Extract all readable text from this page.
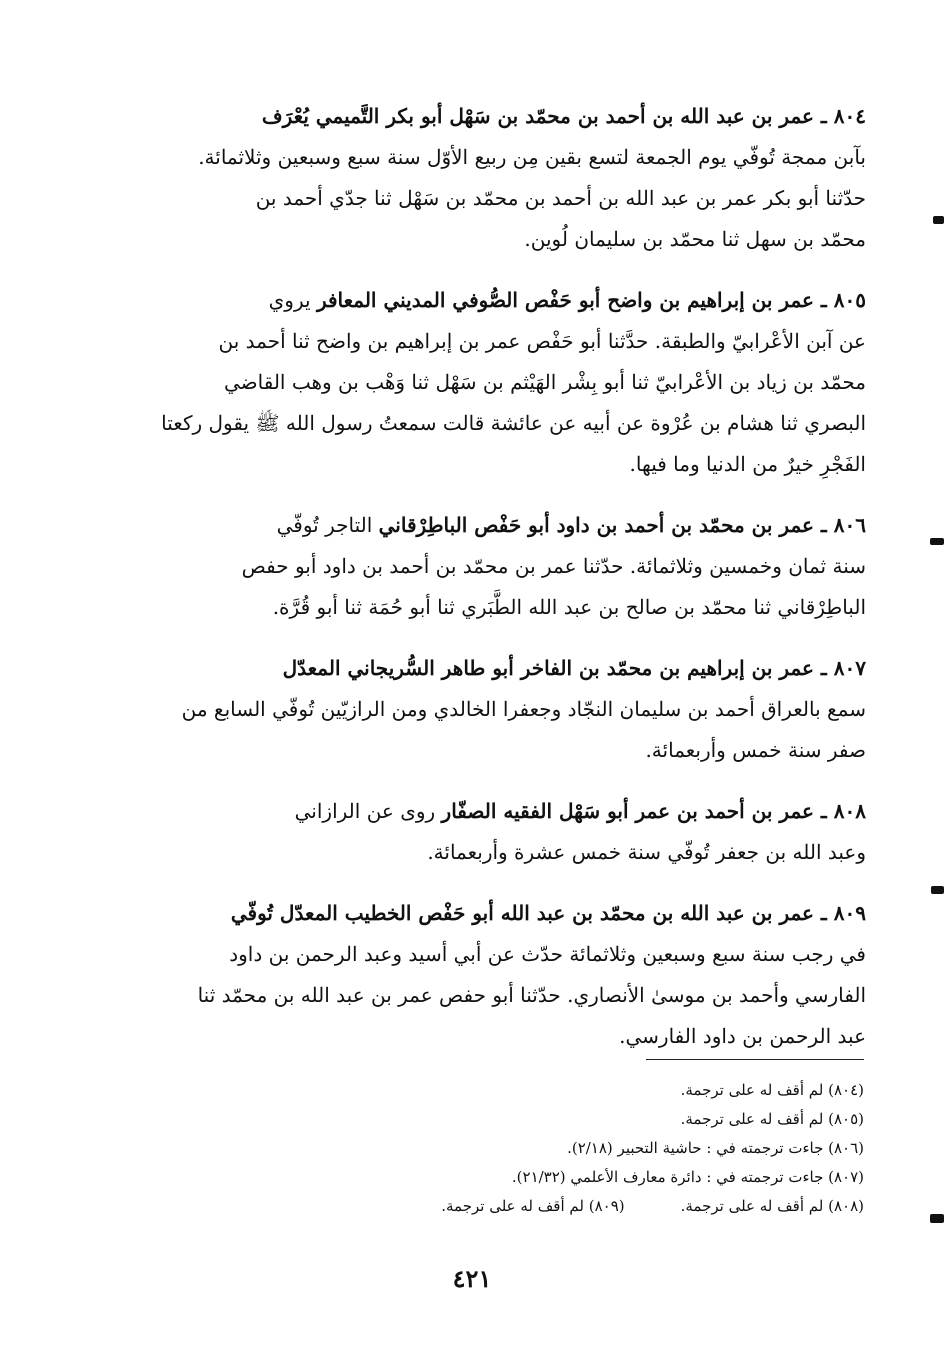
٨٠٤ ـ عمر بن عبد الله بن أحمد بن محمّد بن سَهْل أبو بكر التَّميمي يُعْرَف
بآبن ممجة تُوفّي يوم الجمعة لتسع بقين مِن ربيع الأوّل سنة سبع وسبعين وثلاثمائة.
حدّثنا أبو بكر عمر بن عبد الله بن أحمد بن محمّد بن سَهْل ثنا جدّي أحمد بن
محمّد بن سهل ثنا محمّد بن سليمان لُوين.
٨٠٥ ـ عمر بن إبراهيم بن واضح أبو حَفْص الصُّوفي المديني المعافر يروي
عن آبن الأعْرابيّ والطبقة. حدَّثنا أبو حَفْص عمر بن إبراهيم بن واضح ثنا أحمد بن
محمّد بن زياد بن الأعْرابيّ ثنا أبو بِشْر الهَيْثم بن سَهْل ثنا وَهْب بن وهب القاضي
البصري ثنا هشام بن عُرْوة عن أبيه عن عائشة قالت سمعتُ رسول الله ﷺ يقول ركعتا
الفَجْرِ خيرٌ من الدنيا وما فيها.
٨٠٦ ـ عمر بن محمّد بن أحمد بن داود أبو حَفْص الباطِرْقاني التاجر تُوفّي
سنة ثمان وخمسين وثلاثمائة. حدّثنا عمر بن محمّد بن أحمد بن داود أبو حفص
الباطِرْقاني ثنا محمّد بن صالح بن عبد الله الطَّبَري ثنا أبو حُمَة ثنا أبو قُرَّة.
٨٠٧ ـ عمر بن إبراهيم بن محمّد بن الفاخر أبو طاهر السُّريجاني المعدّل
سمع بالعراق أحمد بن سليمان النجّاد وجعفرا الخالدي ومن الرازيّين تُوفّي السابع من
صفر سنة خمس وأربعمائة.
٨٠٨ ـ عمر بن أحمد بن عمر أبو سَهْل الفقيه الصفّار روى عن الرازاني
وعبد الله بن جعفر تُوفّي سنة خمس عشرة وأربعمائة.
٨٠٩ ـ عمر بن عبد الله بن محمّد بن عبد الله أبو حَفْص الخطيب المعدّل تُوفّي
في رجب سنة سبع وسبعين وثلاثمائة حدّث عن أبي أسيد وعبد الرحمن بن داود
الفارسي وأحمد بن موسىٰ الأنصاري. حدّثنا أبو حفص عمر بن عبد الله بن محمّد ثنا
عبد الرحمن بن داود الفارسي.
(٨٠٤) لم أقف له على ترجمة.
(٨٠٥) لم أقف له على ترجمة.
(٨٠٦) جاءت ترجمته في : حاشية التحبير (٢/١٨).
(٨٠٧) جاءت ترجمته في : دائرة معارف الأعلمي (٢١/٣٢).
(٨٠٨) لم أقف له على ترجمة.
(٨٠٩) لم أقف له على ترجمة.
٤٢١
